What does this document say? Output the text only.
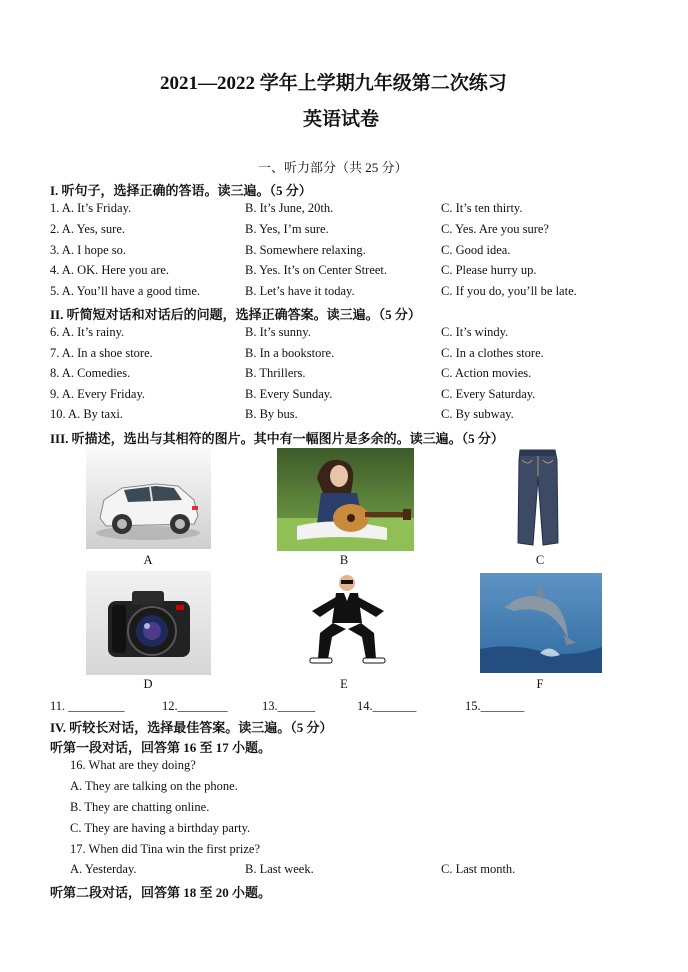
2021—2022 学年上学期九年级第二次练习
英语试卷
一、听力部分（共 25 分）
I. 听句子，选择正确的答语。读三遍。（5 分）
1. A. It’s Friday.	B. It’s June, 20th.	C. It’s ten thirty.
2. A. Yes, sure.	B. Yes, I’m sure.	C. Yes. Are you sure?
3. A. I hope so.	B. Somewhere relaxing.	C. Good idea.
4. A. OK. Here you are.	B. Yes. It’s on Center Street.	C. Please hurry up.
5. A. You’ll have a good time.	B. Let’s have it today.	C. If you do, you’ll be late.
II. 听简短对话和对话后的问题，选择正确答案。读三遍。（5 分）
6. A. It’s rainy.	B. It’s sunny.	C. It’s windy.
7. A. In a shoe store.	B. In a bookstore.	C. In a clothes store.
8. A. Comedies.	B. Thrillers.	C. Action movies.
9. A. Every Friday.	B. Every Sunday.	C. Every Saturday.
10. A. By taxi.	B. By bus.	C. By subway.
III. 听描述，选出与其相符的图片。其中有一幅图片是多余的。读三遍。（5 分）
A	B	C
D	E	F
11. _________	12.________	13.______	14._______	15._______
IV. 听较长对话，选择最佳答案。读三遍。（5 分）
听第一段对话，回答第 16 至 17 小题。
16. What are they doing?
A. They are talking on the phone.
B. They are chatting online.
C. They are having a birthday party.
17. When did Tina win the first prize?
A. Yesterday.	B. Last week.	C. Last month.
听第二段对话，回答第 18 至 20 小题。
